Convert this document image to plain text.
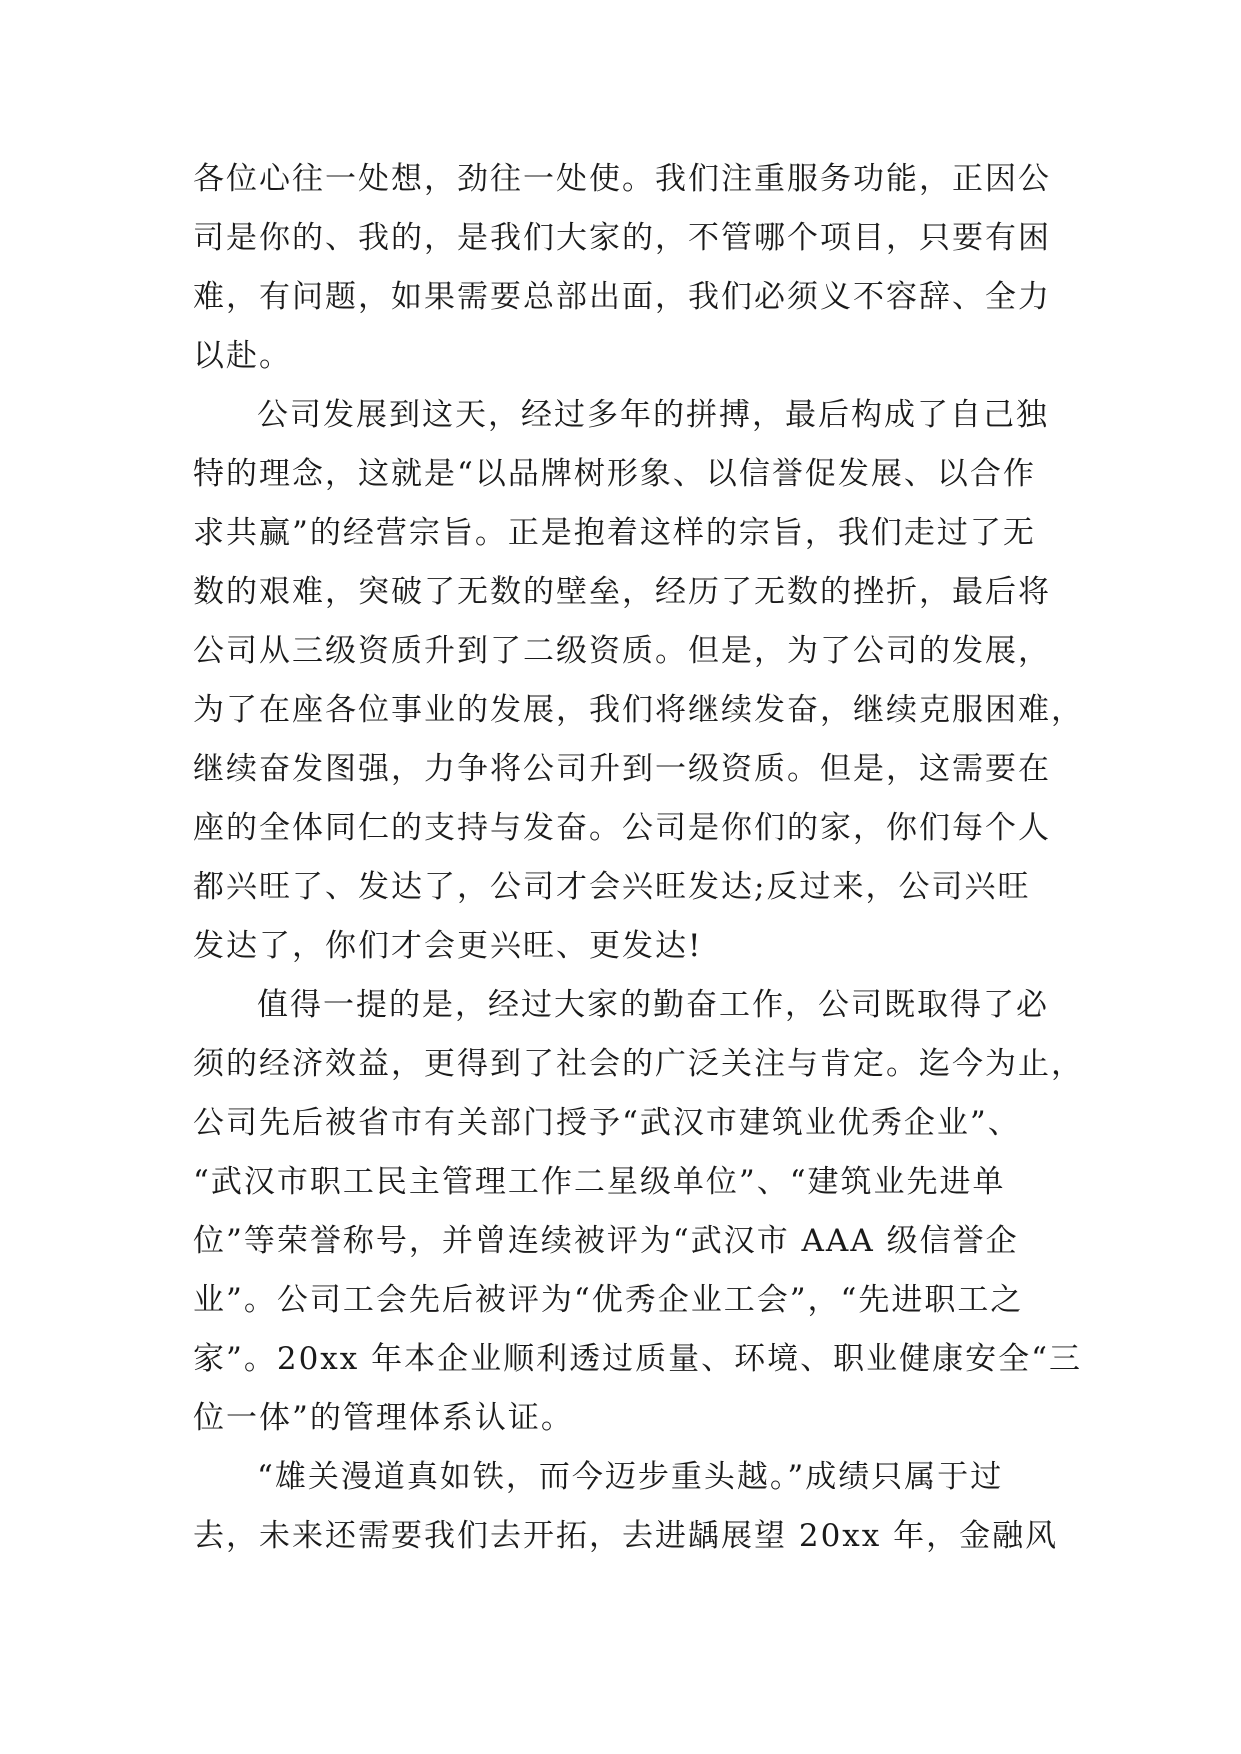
各位心往一处想，劲往一处使。我们注重服务功能，正因公
司是你的、我的，是我们大家的，不管哪个项目，只要有困
难，有问题，如果需要总部出面，我们必须义不容辞、全力
以赴。
公司发展到这天，经过多年的拼搏，最后构成了自己独
特的理念，这就是“以品牌树形象、以信誉促发展、以合作
求共赢”的经营宗旨。正是抱着这样的宗旨，我们走过了无
数的艰难，突破了无数的壁垒，经历了无数的挫折，最后将
公司从三级资质升到了二级资质。但是，为了公司的发展，
为了在座各位事业的发展，我们将继续发奋，继续克服困难，
继续奋发图强，力争将公司升到一级资质。但是，这需要在
座的全体同仁的支持与发奋。公司是你们的家，你们每个人
都兴旺了、发达了，公司才会兴旺发达;反过来，公司兴旺
发达了，你们才会更兴旺、更发达!
值得一提的是，经过大家的勤奋工作，公司既取得了必
须的经济效益，更得到了社会的广泛关注与肯定。迄今为止，
公司先后被省市有关部门授予“武汉市建筑业优秀企业”、
“武汉市职工民主管理工作二星级单位”、“建筑业先进单
位”等荣誉称号，并曾连续被评为“武汉市 AAA 级信誉企
业”。公司工会先后被评为“优秀企业工会”，“先进职工之
家”。20xx 年本企业顺利透过质量、环境、职业健康安全“三
位一体”的管理体系认证。
“雄关漫道真如铁，而今迈步重头越。”成绩只属于过
去，未来还需要我们去开拓，去进龋展望 20xx 年，金融风
